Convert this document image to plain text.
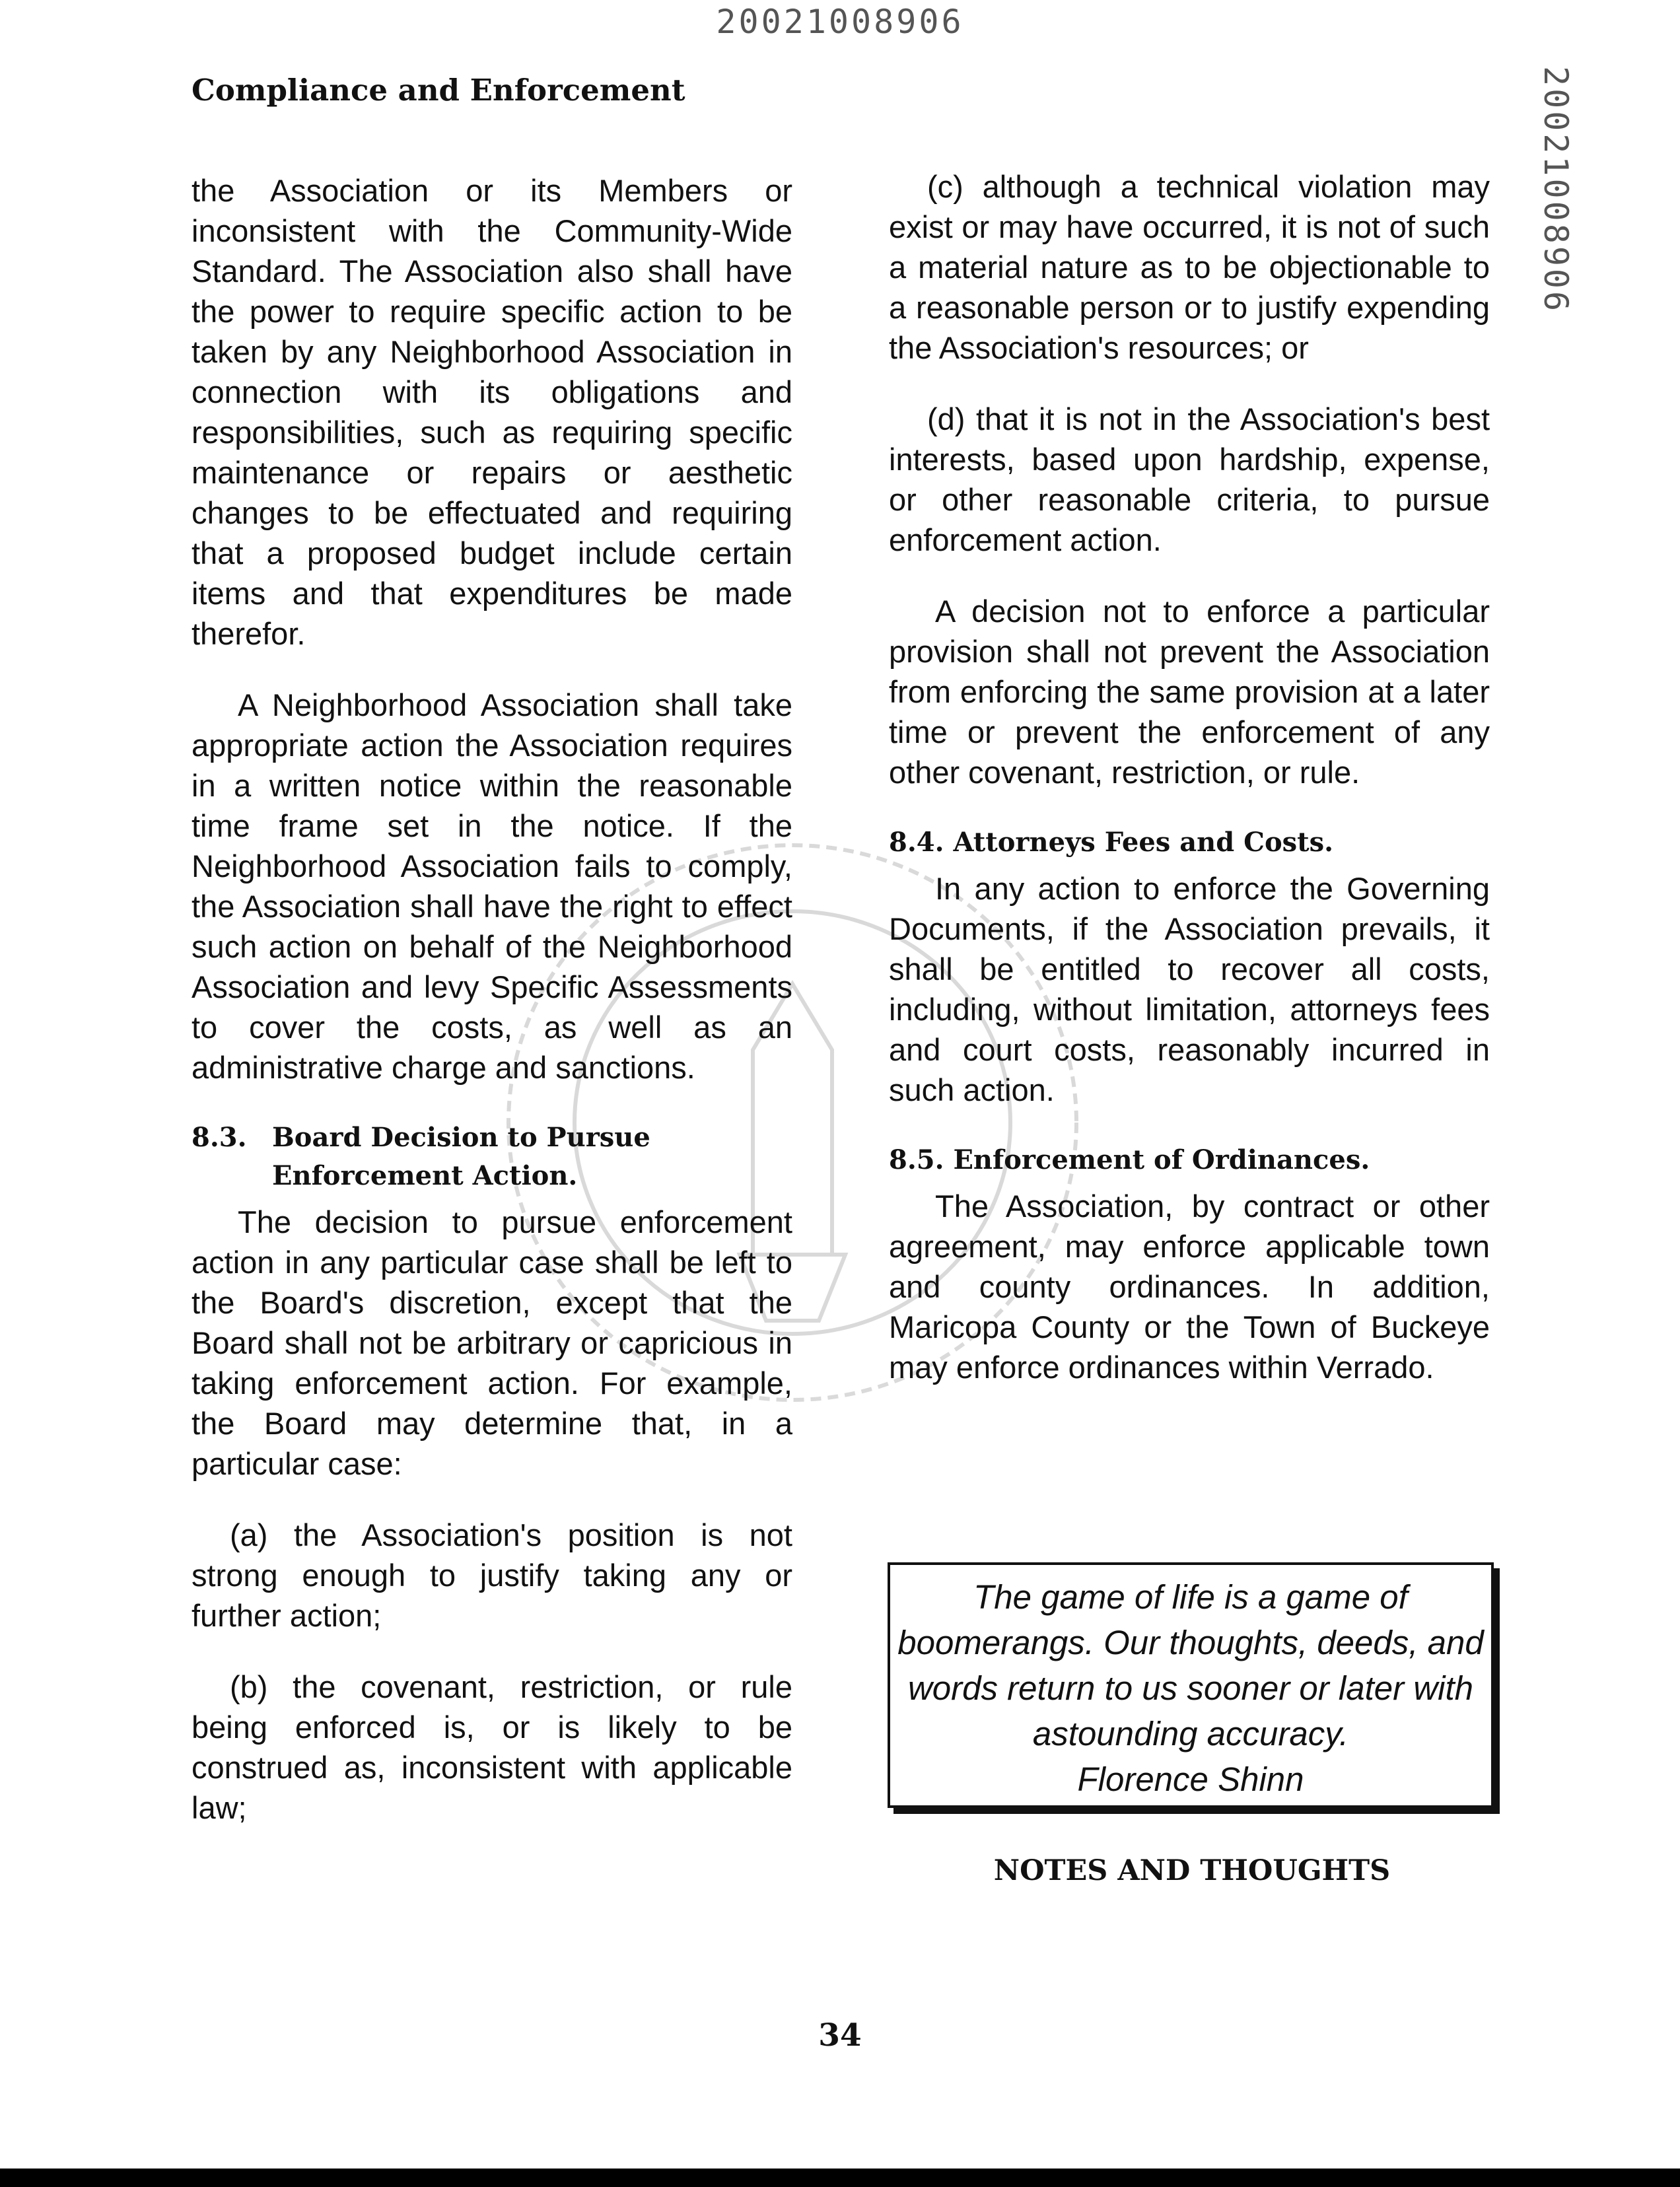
20021008906
20021008906
Compliance and Enforcement

the Association or its Members or inconsistent with the Community-Wide Standard. The Association also shall have the power to require specific action to be taken by any Neighborhood Association in connection with its obligations and responsibilities, such as requiring specific maintenance or repairs or aesthetic changes to be effectuated and requiring that a proposed budget include certain items and that expenditures be made therefor.

A Neighborhood Association shall take appropriate action the Association requires in a written notice within the reasonable time frame set in the notice. If the Neighborhood Association fails to comply, the Association shall have the right to effect such action on behalf of the Neighborhood Association and levy Specific Assessments to cover the costs, as well as an administrative charge and sanctions.

8.3. Board Decision to Pursue
Enforcement Action.

The decision to pursue enforcement action in any particular case shall be left to the Board's discretion, except that the Board shall not be arbitrary or capricious in taking enforcement action. For example, the Board may determine that, in a particular case:

(a) the Association's position is not strong enough to justify taking any or further action;

(b) the covenant, restriction, or rule being enforced is, or is likely to be construed as, inconsistent with applicable law;

(c) although a technical violation may exist or may have occurred, it is not of such a material nature as to be objectionable to a reasonable person or to justify expending the Association's resources; or

(d) that it is not in the Association's best interests, based upon hardship, expense, or other reasonable criteria, to pursue enforcement action.

A decision not to enforce a particular provision shall not prevent the Association from enforcing the same provision at a later time or prevent the enforcement of any other covenant, restriction, or rule.

8.4. Attorneys Fees and Costs.

In any action to enforce the Governing Documents, if the Association prevails, it shall be entitled to recover all costs, including, without limitation, attorneys fees and court costs, reasonably incurred in such action.

8.5. Enforcement of Ordinances.

The Association, by contract or other agreement, may enforce applicable town and county ordinances. In addition, Maricopa County or the Town of Buckeye may enforce ordinances within Verrado.

The game of life is a game of
boomerangs. Our thoughts, deeds, and
words return to us sooner or later with
astounding accuracy.
Florence Shinn
NOTES AND THOUGHTS
34
